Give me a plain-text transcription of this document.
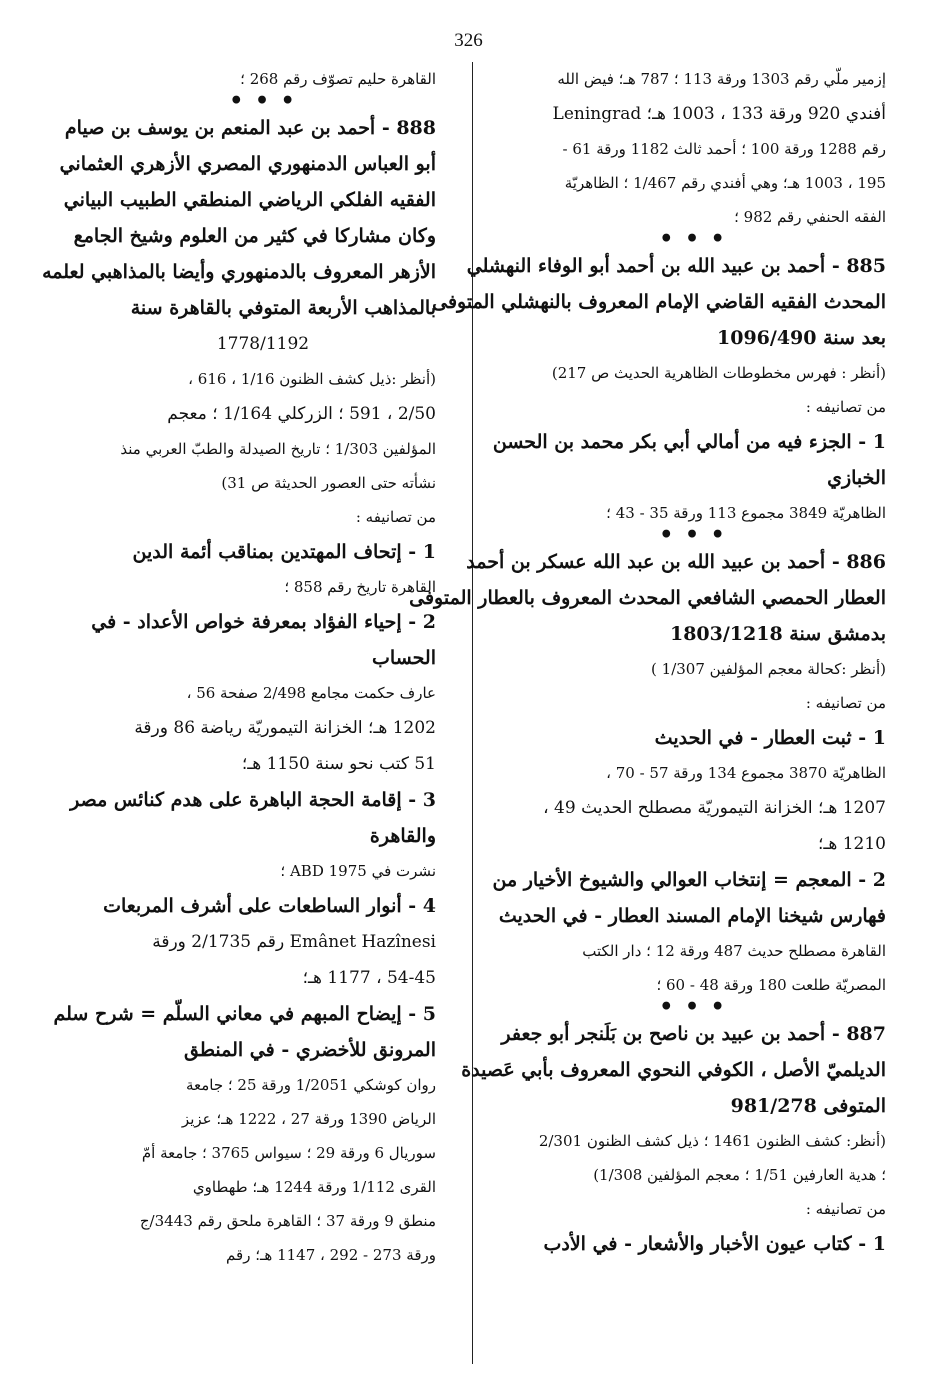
326
إزمير ملّي رقم 1303 ورقة 113 ؛ 787 هـ؛ فيض الله
أفندي 920 ورقة 133 ، 1003 هـ؛ Leningrad
رقم 1288 ورقة 100 ؛ أحمد ثالث 1182 ورقة 61 -
195 ، 1003 هـ؛ وهي أفندي رقم 1/467 ؛ الظاهريّة
الفقه الحنفي رقم 982 ؛
• • •
885 - أحمد بن عبيد الله بن أحمد أبو الوفاء النهشلي
المحدث الفقيه القاضي الإمام المعروف بالنهشلي المتوفى
بعد سنة 1096/490
(أنظر : فهرس مخطوطات الظاهرية الحديث ص 217)
من تصانيفه :
1 - الجزء فيه من أمالي أبي بكر محمد بن الحسن
الخبازي
الظاهريّة 3849 مجموع 113 ورقة 35 - 43 ؛
• • •
886 - أحمد بن عبيد الله بن عبد الله عسكر بن أحمد
العطار الحمصي الشافعي المحدث المعروف بالعطار المتوفى
بدمشق سنة 1803/1218
(أنظر :كحالة معجم المؤلفين 1/307 )
من تصانيفه :
1 - ثبت العطار - في الحديث
الظاهريّة 3870 مجموع 134 ورقة 57 - 70 ،
1207 هـ؛ الخزانة التيموريّة مصطلح الحديث 49 ،
1210 هـ؛
2 - المعجم = إنتخاب العوالي والشيوخ الأخيار من
فهارس شيخنا الإمام المسند العطار - في الحديث
القاهرة مصطلح حديث 487 ورقة 12 ؛ دار الكتب
المصريّة طلعت 180 ورقة 48 - 60 ؛
• • •
887 - أحمد بن عبيد بن ناصح بن بَلَنجر أبو جعفر
الديلميّ الأصل ، الكوفي النحوي المعروف بأبي عَصيدة
المتوفى 981/278
(أنظر: كشف الظنون 1461 ؛ ذيل كشف الظنون 2/301
؛ هدية العارفين 1/51 ؛ معجم المؤلفين 1/308)
من تصانيفه :
1 - كتاب عيون الأخبار والأشعار - في الأدب
القاهرة حليم تصوّف رقم 268 ؛
• • •
888 - أحمد بن عبد المنعم بن يوسف بن صيام
أبو العباس الدمنهوري المصري الأزهري العثماني
الفقيه الفلكي الرياضي المنطقي الطبيب البياني
وكان مشاركا في كثير من العلوم وشيخ الجامع
الأزهر المعروف بالدمنهوري وأيضا بالمذاهبي لعلمه
بالمذاهب الأربعة المتوفي بالقاهرة سنة
1778/1192
(أنظر :ذيل كشف الظنون 1/16 ، 616 ،
2/50 ، 591 ؛ الزركلي 1/164 ؛ معجم
المؤلفين 1/303 ؛ تاريخ الصيدلة والطبّ العربي منذ
نشأته حتى العصور الحديثة ص 31)
من تصانيفه :
1 - إتحاف المهتدين بمناقب أئمة الدين
القاهرة تاريخ رقم 858 ؛
2 - إحياء الفؤاد بمعرفة خواص الأعداد - في
الحساب
عارف حكمت مجامع 2/498 صفحة 56 ،
1202 هـ؛ الخزانة التيموريّة رياضة 86 ورقة
51 كتب نحو سنة 1150 هـ؛
3 - إقامة الحجة الباهرة على هدم كنائس مصر
والقاهرة
نشرت في 1975 ABD ؛
4 - أنوار الساطعات على أشرف المربعات
Emânet Hazînesi رقم 2/1735 ورقة
54-45 ، 1177 هـ؛
5 - إيضاح المبهم في معاني السلّم = شرح سلم
المرونق للأخضري - في المنطق
روان كوشكي 1/2051 ورقة 25 ؛ جامعة
الرياض 1390 ورقة 27 ، 1222 هـ؛ عزيز
سوريال 6 ورقة 29 ؛ سيواس 3765 ؛ جامعة أمّ
القرى 1/112 ورقة 1244 هـ؛ طهطاوي
منطق 9 ورقة 37 ؛ القاهرة ملحق رقم 3443/ج
ورقة 273 - 292 ، 1147 هـ؛ رقم
